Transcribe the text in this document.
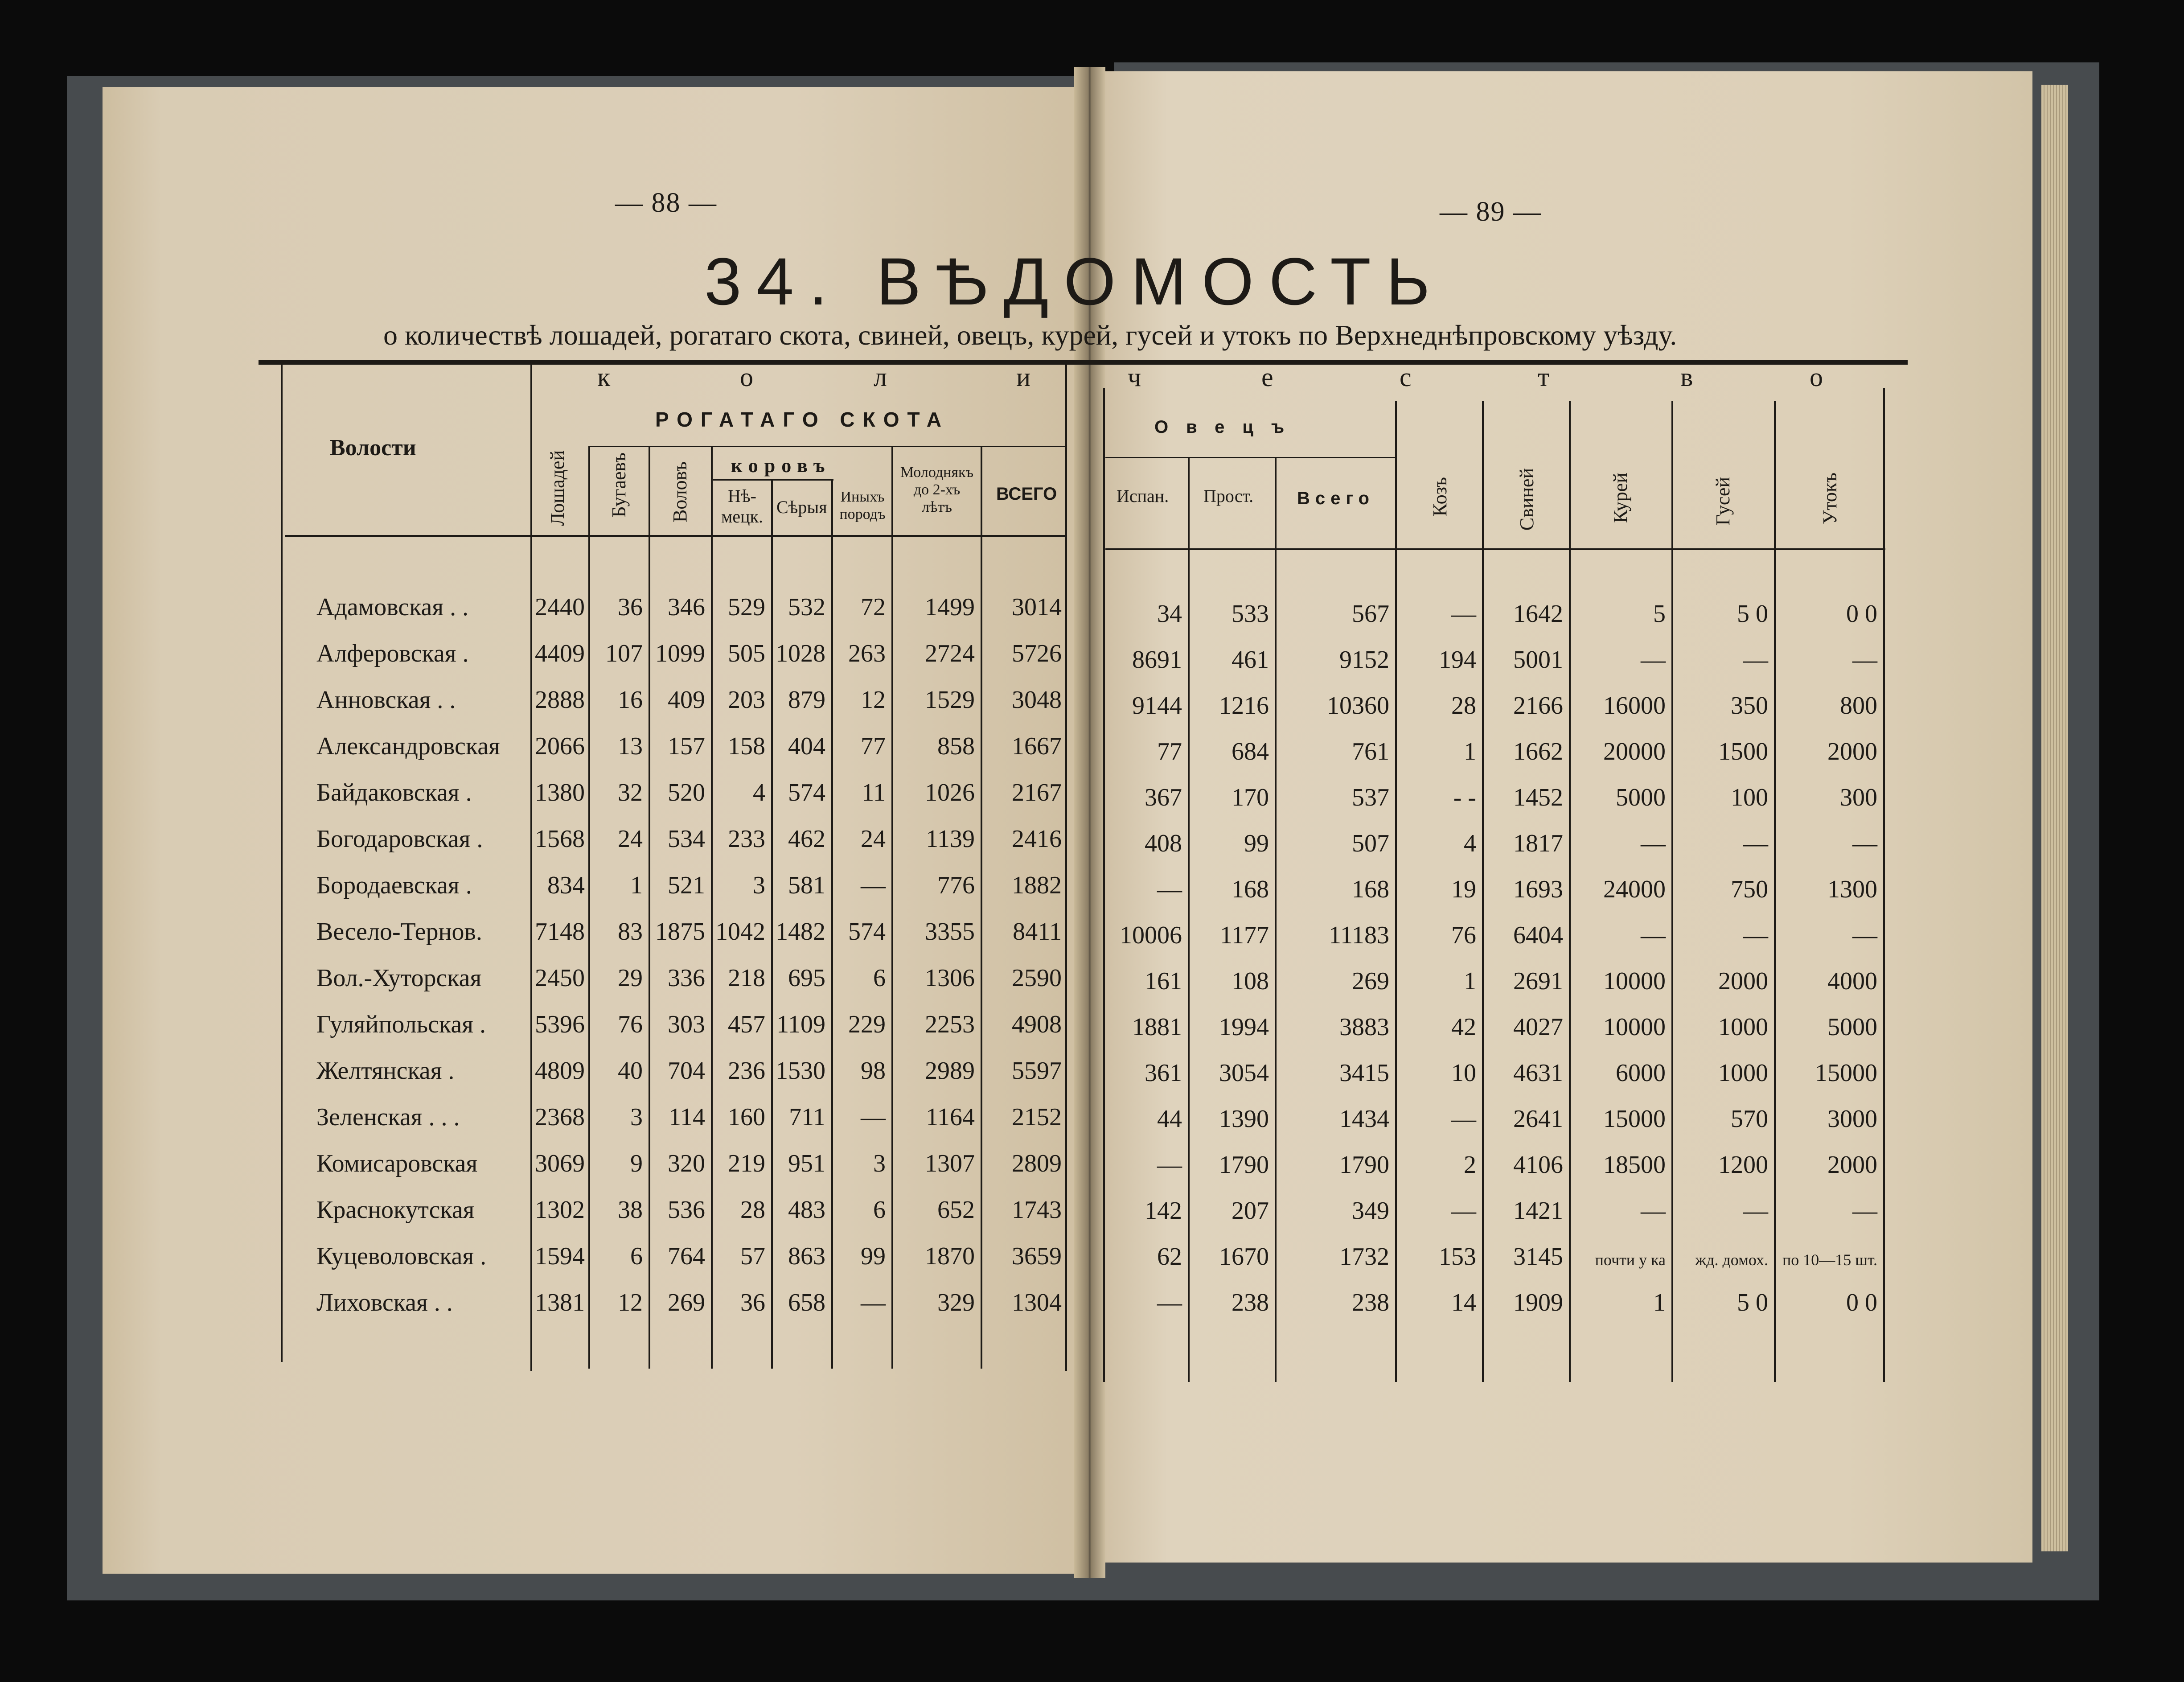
— 88 —	— 89 —
34. ВѢДОМОСТЬ
о количествѣ лошадей, рогатаго скота, свиней, овецъ, курей, гусей и утокъ по Верхнеднѣпровскому уѣзду.
к	о	л	и	ч	е	с	т	в	о
Волости
Лошадей
РОГАТАГО СКОТА
Бугаевъ Воловъ коровъ
Нѣ-мецк. Сѣрыя
Иныхъ породъ
Молоднякъ до 2-хъ лѣтъ
ВСЕГО
Овецъ
Испан. Прост. Всего	Козъ	Свиней	Курей	Гусей	Утокъ
Адамовская . .	2440 36 346 529 532 72 1499 3014	34 533	567 — 1642	5	5 0	0 0
Алферовская .	4409 107 1099 505 1028 263 2724 5726	8691 461	9152 194 5001	—	—	—
Анновская . .	2888 16 409 203 879 12 1529 3048	9144 1216 10360 28 2166 16000	350	800
Александровская 2066 13 157 158 404 77 858 1667	77 684	761	1 1662 20000 1500 2000
Байдаковская .	1380 32 520 4 574 11 1026 2167	367 170	537	- - 1452 5000	100	300
Богодаровская . 1568 24 534 233 462 24 1139 2416	408 99	507	4 1817	—	—	—
Бородаевская .	834 1 521 3 581 — 776 1882	— 168	168 19 1693 24000	750 1300
Весело-Тернов. 7148 83 1875 1042 1482 574 3355 8411 10006 1177 11183 76 6404	—	—	—
Вол.-Хуторская 2450 29 336 218 695 6 1306 2590	161 108	269	1 2691 10000 2000 4000
Гуляйпольская . 5396 76 303 457 1109 229 2253 4908	1881 1994	3883 42 4027 10000 1000 5000
Желтянская .	4809 40 704 236 1530 98 2989 5597	361 3054	3415 10 4631 6000 1000 15000
Зеленская . . .	2368 3 114 160 711 — 1164 2152	44 1390	1434 — 2641 15000	570 3000
Комисаровская 3069 9 320 219 951 3 1307 2809	— 1790	1790	2 4106 18500 1200 2000
Краснокутская 1302 38 536 28 483 6 652 1743	142 207	349 — 1421	—	—	—
Куцеволовская . 1594 6 764 57 863 99 1870 3659	62 1670	1732 153 3145 почти у ка жд. домох. по 10—15 шт.
Лиховская . .	1381 12 269 36 658 — 329 1304	— 238	238 14 1909	1	5 0	0 0
